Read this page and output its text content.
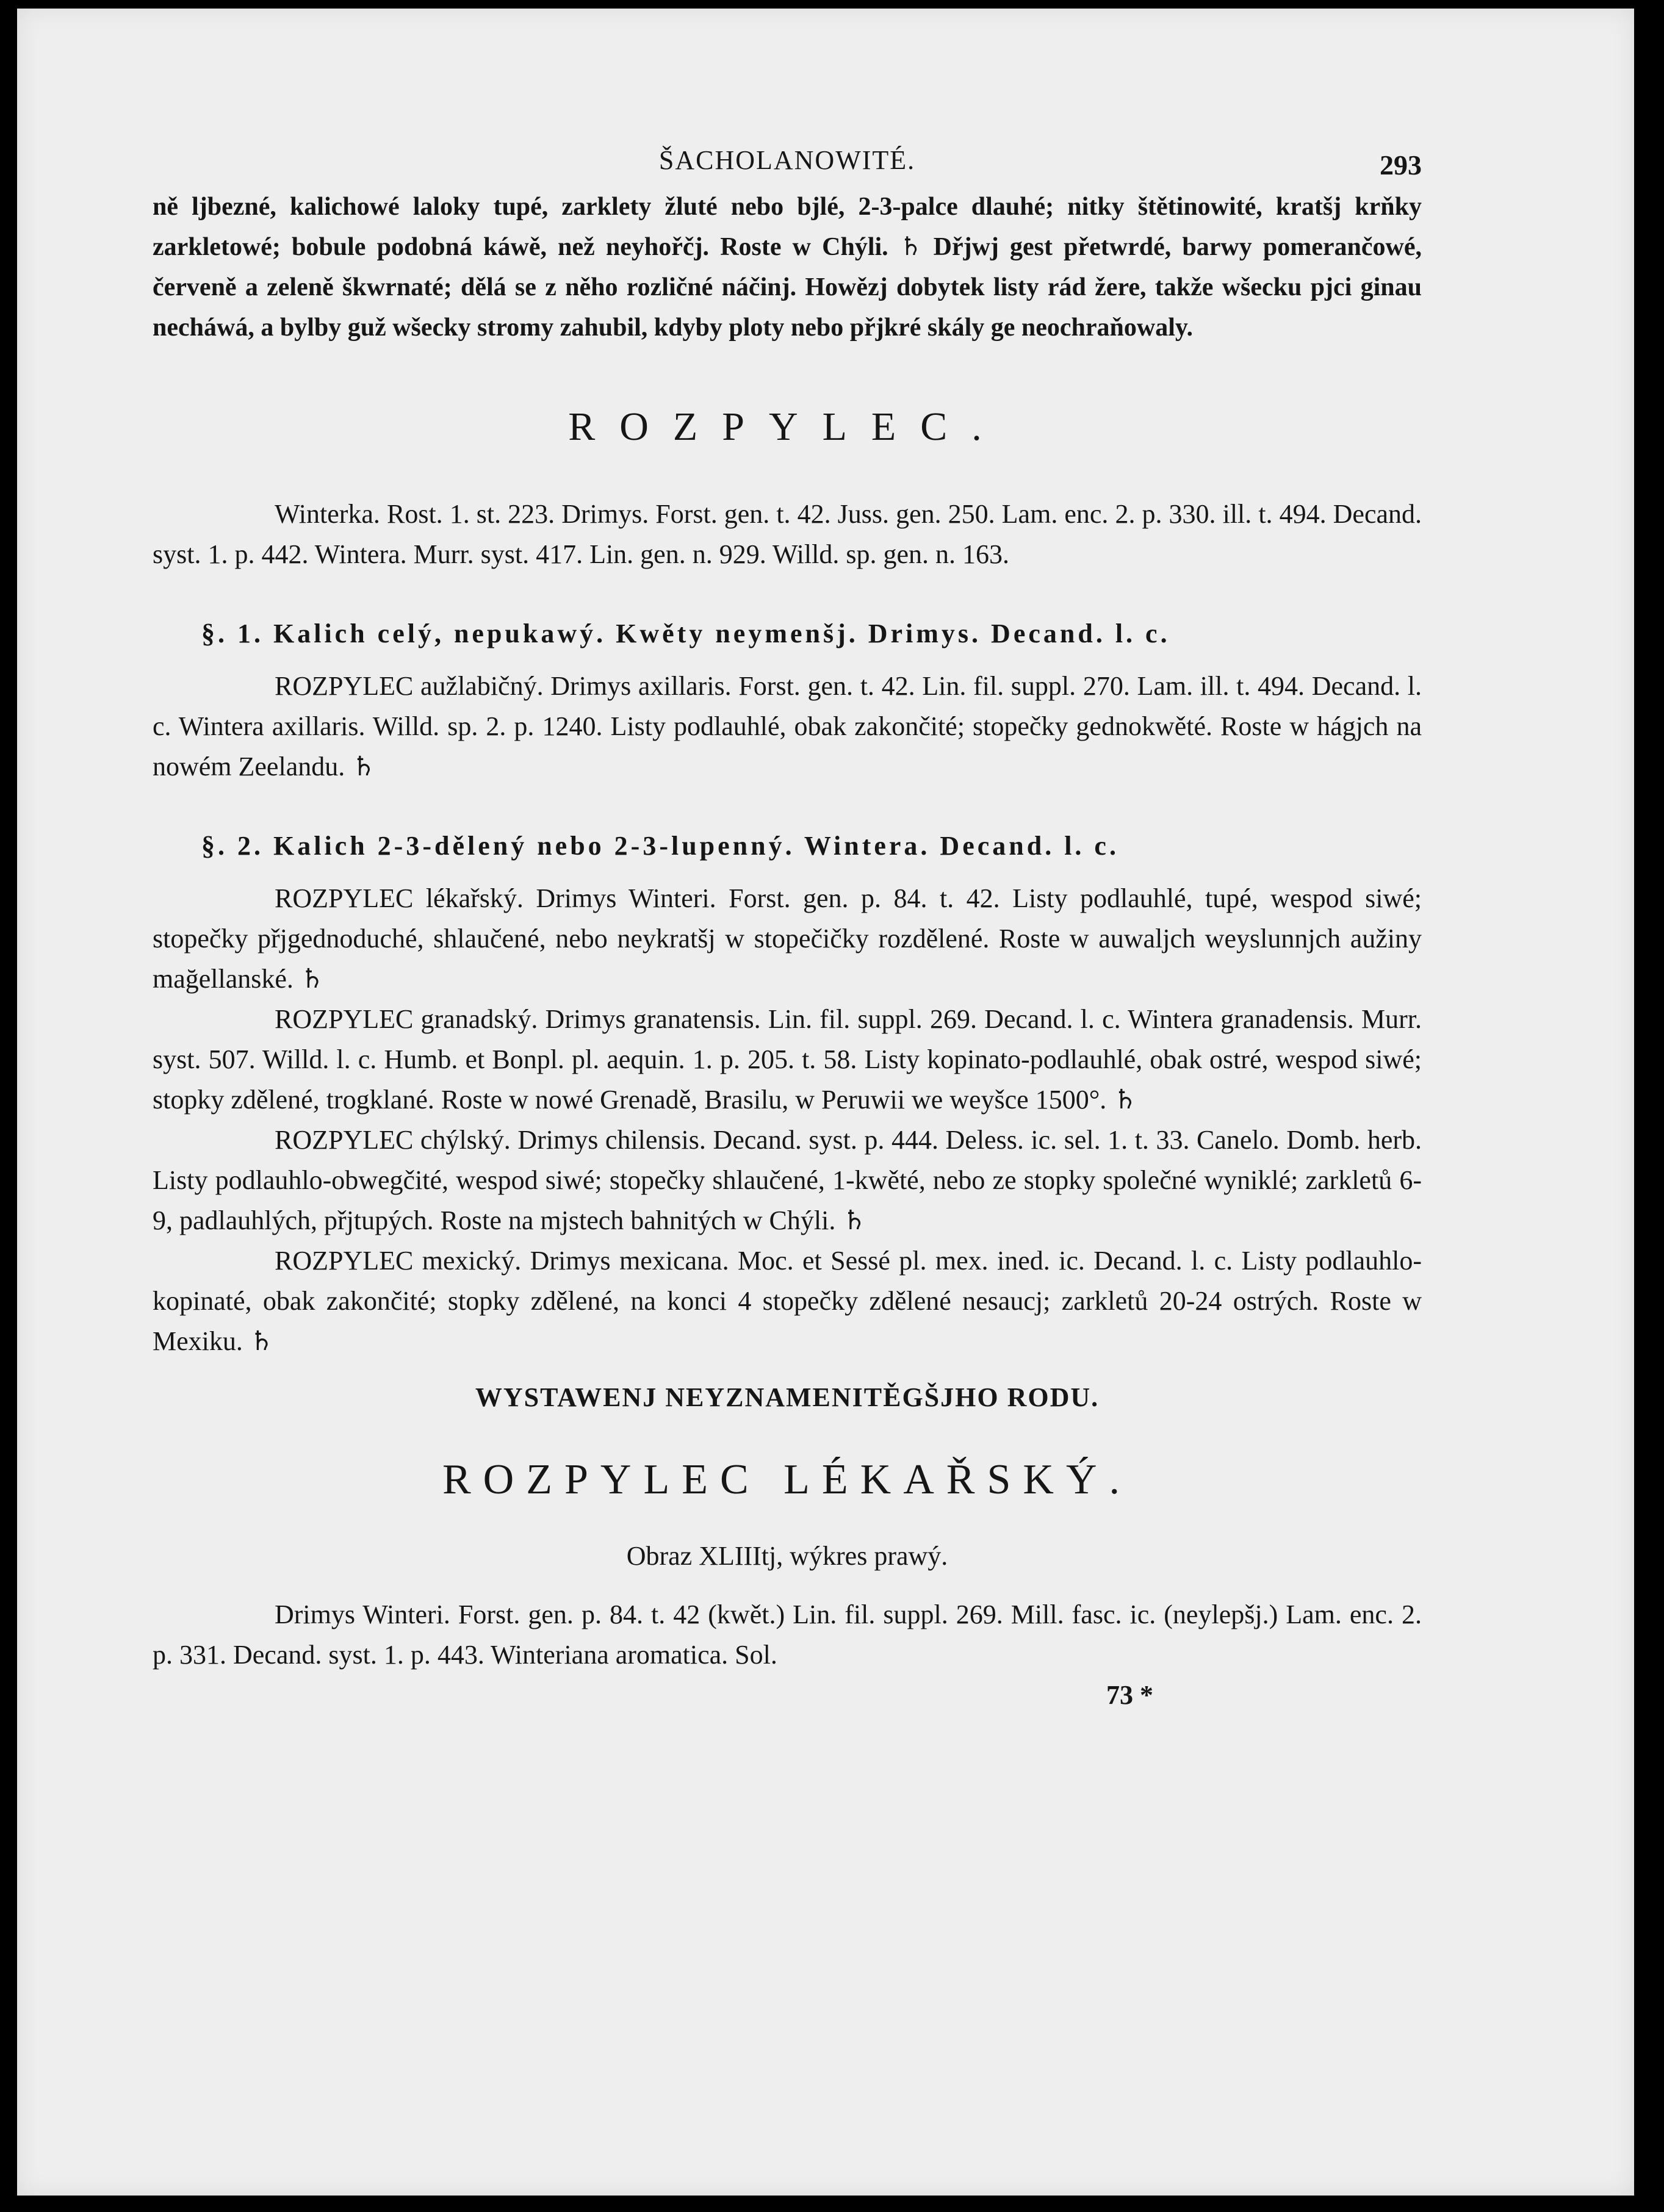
ŠACHOLANOWITÉ.	293

ně ljbezné, kalichowé laloky tupé, zarklety žluté nebo bjlé, 2-3-palce dlauhé; nitky štětinowité, kratšj krňky zarkletowé; bobule podobná káwě, než neyhořčj. Roste w Chýli. ♄ Dřjwj gest přetwrdé, barwy pomerančowé, červeně a zeleně škwrnaté; dělá se z něho rozličné náčinj. Howězj dobytek listy rád žere, takže wšecku pjci ginau necháwá, a bylby guž wšecky stromy zahubil, kdyby ploty nebo přjkré skály ge neochraňowaly.

ROZPYLEC.

Winterka. Rost. 1. st. 223. Drimys. Forst. gen. t. 42. Juss. gen. 250. Lam. enc. 2. p. 330. ill. t. 494. Decand. syst. 1. p. 442. Wintera. Murr. syst. 417. Lin. gen. n. 929. Willd. sp. gen. n. 163.

§. 1. Kalich celý, nepukawý. Kwěty neymenšj. Drimys. Decand. l. c.

ROZPYLEC aužlabičný. Drimys axillaris. Forst. gen. t. 42. Lin. fil. suppl. 270. Lam. ill. t. 494. Decand. l. c. Wintera axillaris. Willd. sp. 2. p. 1240. Listy podlauhlé, obak zakončité; stopečky gednokwěté. Roste w hágjch na nowém Zeelandu. ♄

§. 2. Kalich 2-3-dělený nebo 2-3-lupenný. Wintera. Decand. l. c.

ROZPYLEC lékařský. Drimys Winteri. Forst. gen. p. 84. t. 42. Listy podlauhlé, tupé, wespod siwé; stopečky přjgednoduché, shlaučené, nebo neykratšj w stopečičky rozdělené. Roste w auwaljch weyslunnjch aužiny mağellanské. ♄

ROZPYLEC granadský. Drimys granatensis. Lin. fil. suppl. 269. Decand. l. c. Wintera granadensis. Murr. syst. 507. Willd. l. c. Humb. et Bonpl. pl. aequin. 1. p. 205. t. 58. Listy kopinato-podlauhlé, obak ostré, wespod siwé; stopky zdělené, trogklané. Roste w nowé Grenadě, Brasilu, w Peruwii we weyšce 1500°. ♄

ROZPYLEC chýlský. Drimys chilensis. Decand. syst. p. 444. Deless. ic. sel. 1. t. 33. Canelo. Domb. herb. Listy podlauhlo-obwegčité, wespod siwé; stopečky shlaučené, 1-kwěté, nebo ze stopky společné wyniklé; zarkletů 6-9, padlauhlých, přjtupých. Roste na mjstech bahnitých w Chýli. ♄

ROZPYLEC mexický. Drimys mexicana. Moc. et Sessé pl. mex. ined. ic. Decand. l. c. Listy podlauhlo-kopinaté, obak zakončité; stopky zdělené, na konci 4 stopečky zdělené nesaucj; zarkletů 20-24 ostrých. Roste w Mexiku. ♄

WYSTAWENJ NEYZNAMENITĚGŠJHO RODU.
ROZPYLEC LÉKAŘSKÝ.
Obraz XLIIItj, wýkres prawý.

Drimys Winteri. Forst. gen. p. 84. t. 42 (kwět.) Lin. fil. suppl. 269. Mill. fasc. ic. (neylepšj.) Lam. enc. 2. p. 331. Decand. syst. 1. p. 443. Winteriana aromatica. Sol.

73 *
